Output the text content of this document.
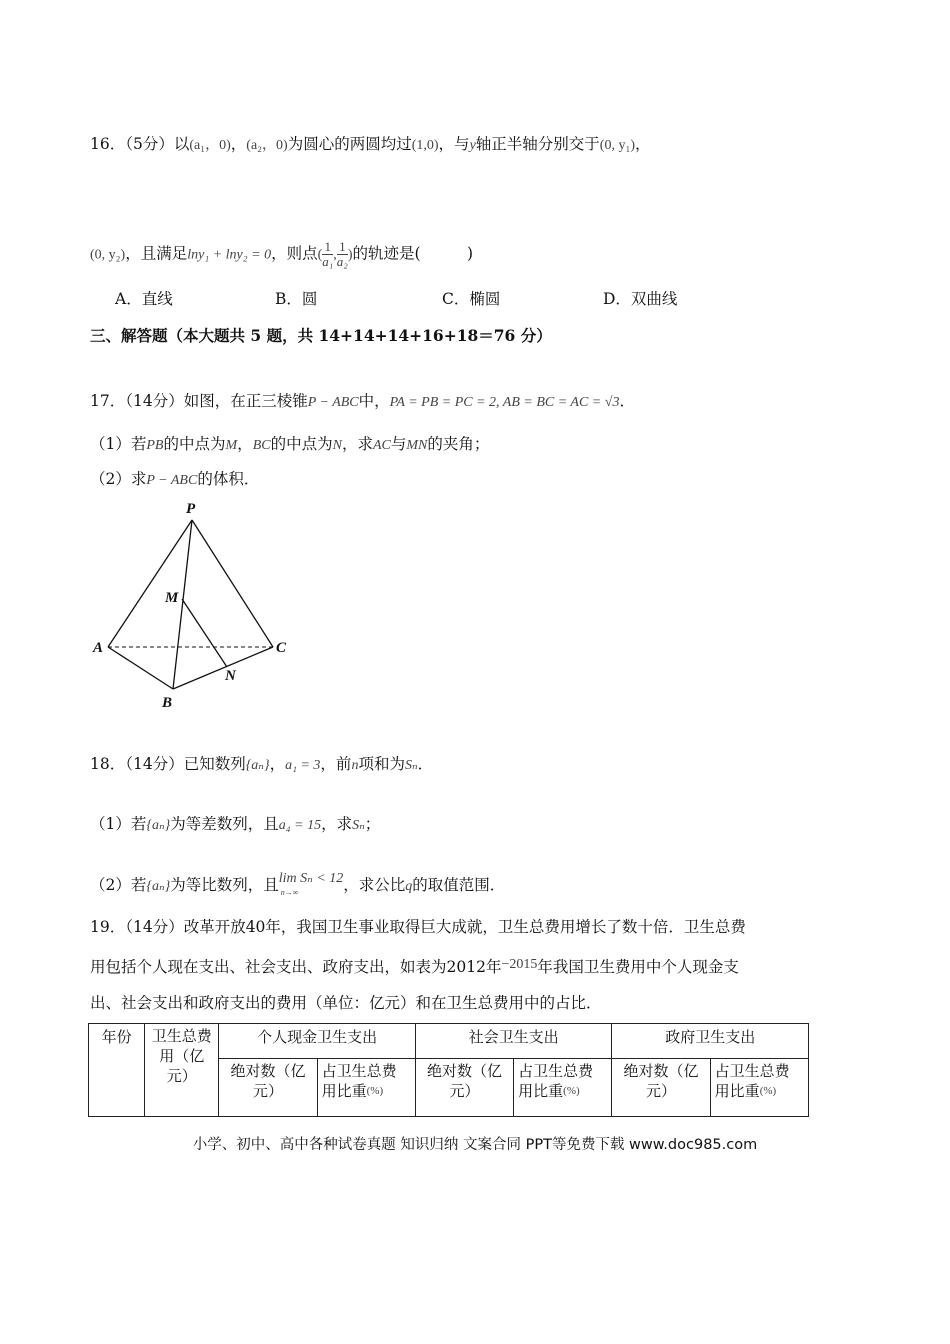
16．（5分）以(a₁，0)，(a₂，0)为圆心的两圆均过(1,0)，与y轴正半轴分别交于(0, y₁)，
(0, y₂)，且满足lny₁ + lny₂ = 0，则点( $\frac{1}{\text{a₁}}$ , $\frac{1}{\text{a₂}}$ )的轨迹是(　　　)
A．直线	B．圆	C．椭圆	D．双曲线
三、解答题（本大题共 5 题，共 14+14+14+16+18＝76 分）
17．（14分）如图，在正三棱锥P − ABC中，PA = PB = PC = 2, AB = BC = AC = √3．
（1）若PB的中点为M，BC的中点为N，求AC与MN的夹角；
（2）求P − ABC的体积．
P
M
A	C
N
B
18．（14分）已知数列{aₙ}，a₁ = 3，前n项和为Sₙ．
（1）若{aₙ}为等差数列，且a₄ = 15，求Sₙ；
（2）若{aₙ}为等比数列，且lim Sₙ < 12
n→∞	，求公比q的取值范围．
19．（14分）改革开放40年，我国卫生事业取得巨大成就，卫生总费用增长了数十倍．卫生总费
用包括个人现在支出、社会支出、政府支出，如表为2012年−2015年我国卫生费用中个人现金支
出、社会支出和政府支出的费用（单位：亿元）和在卫生总费用中的占比．
年份	卫生总费用（亿元）	个人现金卫生支出		社会卫生支出		政府卫生支出	
		绝对数（亿元）	占卫生总费用比重(%)	绝对数（亿元）	占卫生总费用比重(%)	绝对数（亿元）	占卫生总费用比重(%)
小学、初中、高中各种试卷真题 知识归纳 文案合同 PPT等免费下载 www.doc985.com
